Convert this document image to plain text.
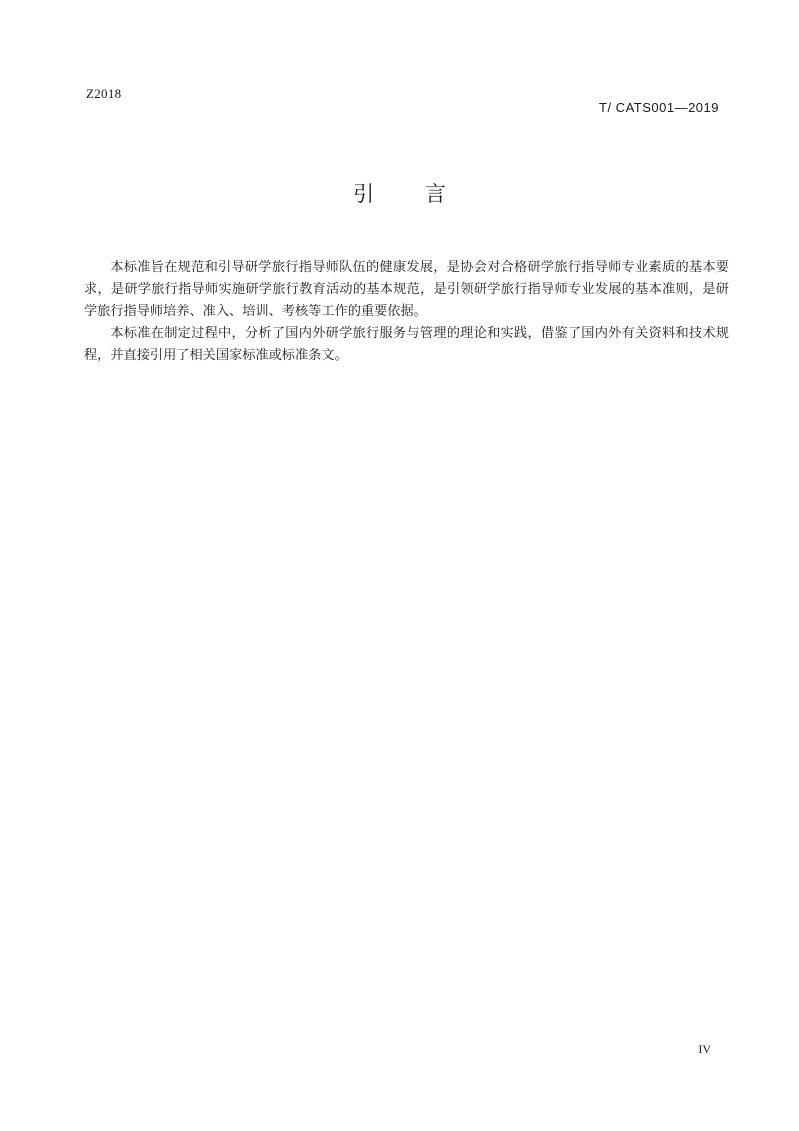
Z2018
T/ CATS001—2019
引 言

本标准旨在规范和引导研学旅行指导师队伍的健康发展，是协会对合格研学旅行指导师专业素质的基本要求，是研学旅行指导师实施研学旅行教育活动的基本规范，是引领研学旅行指导师专业发展的基本准则，是研学旅行指导师培养、准入、培训、考核等工作的重要依据。

本标准在制定过程中，分析了国内外研学旅行服务与管理的理论和实践，借鉴了国内外有关资料和技术规程，并直接引用了相关国家标准或标准条文。

IV
